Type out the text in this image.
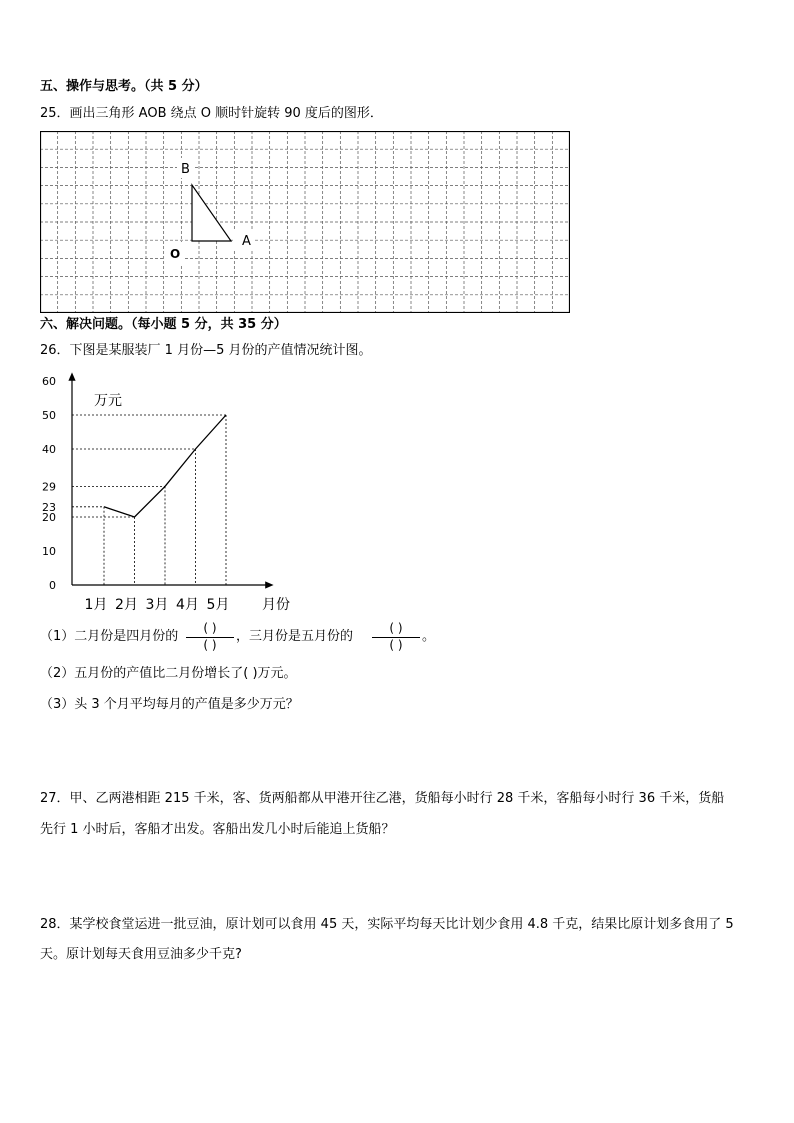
五、操作与思考。（共 5 分）
25．画出三角形 AOB 绕点 O 顺时针旋转 90 度后的图形．
B
A
O
六、解决问题。（每小题 5 分，共 35 分）
26．下图是某服装厂 1 月份—5 月份的产值情况统计图。
0
10
20
23
29
40
50
60
1月 2月 3月 4月 5月
万元
月份
（1）二月份是四月份的
( )
( )
，三月份是五月份的
( )
( )
。
（2）五月份的产值比二月份增长了( )万元。
（3）头 3 个月平均每月的产值是多少万元？
27．甲、乙两港相距 215 千米，客、货两船都从甲港开往乙港，货船每小时行 28 千米，客船每小时行 36 千米，货船
先行 1 小时后，客船才出发。客船出发几小时后能追上货船？
28．某学校食堂运进一批豆油，原计划可以食用 45 天，实际平均每天比计划少食用 4.8 千克，结果比原计划多食用了 5
天。原计划每天食用豆油多少千克?
